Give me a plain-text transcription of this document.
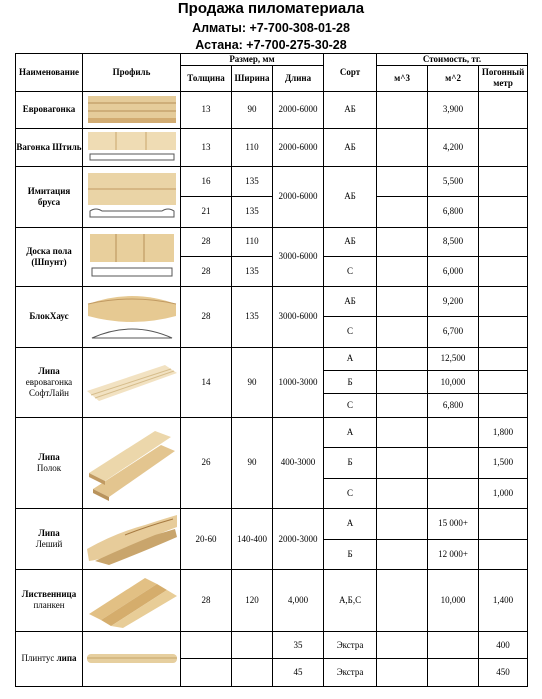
Продажа пиломатериала
Алматы: +7-700-308-01-28
Астана: +7-700-275-30-28
Наименование	Профиль	Размер, мм			Сорт	Стоимость, тг.		
		Толщина	Ширина	Длина		м^3	м^2	Погонный метр
Евровагонка		13	90	2000-6000	АБ		3,900	
Вагонка Штиль		13	110	2000-6000	АБ		4,200	
Имитация бруса		16	135	2000-6000	АБ		5,500	
		21	135				6,800	
Доска пола (Шпунт)		28	110	3000-6000	АБ		8,500	
		28	135		С		6,000	
БлокХаус		28	135	3000-6000	АБ		9,200	
					С		6,700	
Липа
евровагонка СофтЛайн		14	90	1000-3000	А		12,500	
					Б		10,000	
					С		6,800	
Липа
Полок		26	90	400-3000	А			1,800
					Б			1,500
					С			1,000
Липа
Леший		20-60	140-400	2000-3000	А		15 000+	
					Б		12 000+	
Лиственница
планкен		28	120	4,000	А,Б,С		10,000	1,400
Плинтус липа				35	Экстра			400
				45	Экстра			450
